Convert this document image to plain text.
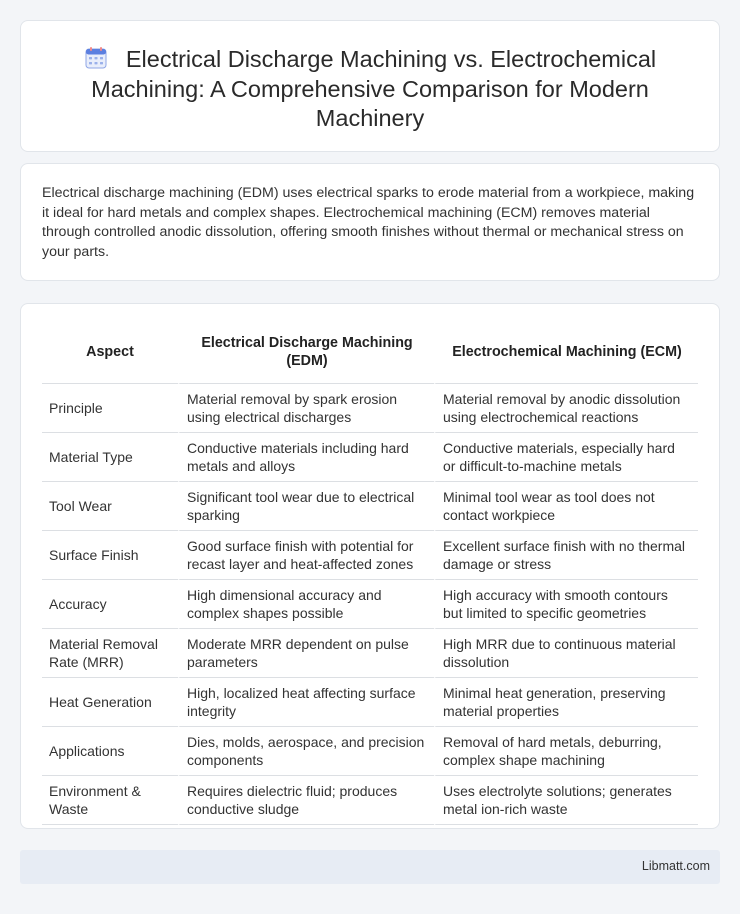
Electrical Discharge Machining vs. Electrochemical Machining: A Comprehensive Comparison for Modern Machinery

Electrical discharge machining (EDM) uses electrical sparks to erode material from a workpiece, making it ideal for hard metals and complex shapes. Electrochemical machining (ECM) removes material through controlled anodic dissolution, offering smooth finishes without thermal or mechanical stress on your parts.

Aspect	Electrical Discharge Machining (EDM)	Electrochemical Machining (ECM)
Principle	Material removal by spark erosion using electrical discharges	Material removal by anodic dissolution using electrochemical reactions
Material Type	Conductive materials including hard metals and alloys	Conductive materials, especially hard or difficult-to-machine metals
Tool Wear	Significant tool wear due to electrical sparking	Minimal tool wear as tool does not contact workpiece
Surface Finish	Good surface finish with potential for recast layer and heat-affected zones	Excellent surface finish with no thermal damage or stress
Accuracy	High dimensional accuracy and complex shapes possible	High accuracy with smooth contours but limited to specific geometries
Material Removal Rate (MRR)	Moderate MRR dependent on pulse parameters	High MRR due to continuous material dissolution
Heat Generation	High, localized heat affecting surface integrity	Minimal heat generation, preserving material properties
Applications	Dies, molds, aerospace, and precision components	Removal of hard metals, deburring, complex shape machining
Environment & Waste	Requires dielectric fluid; produces conductive sludge	Uses electrolyte solutions; generates metal ion-rich waste
Libmatt.com
